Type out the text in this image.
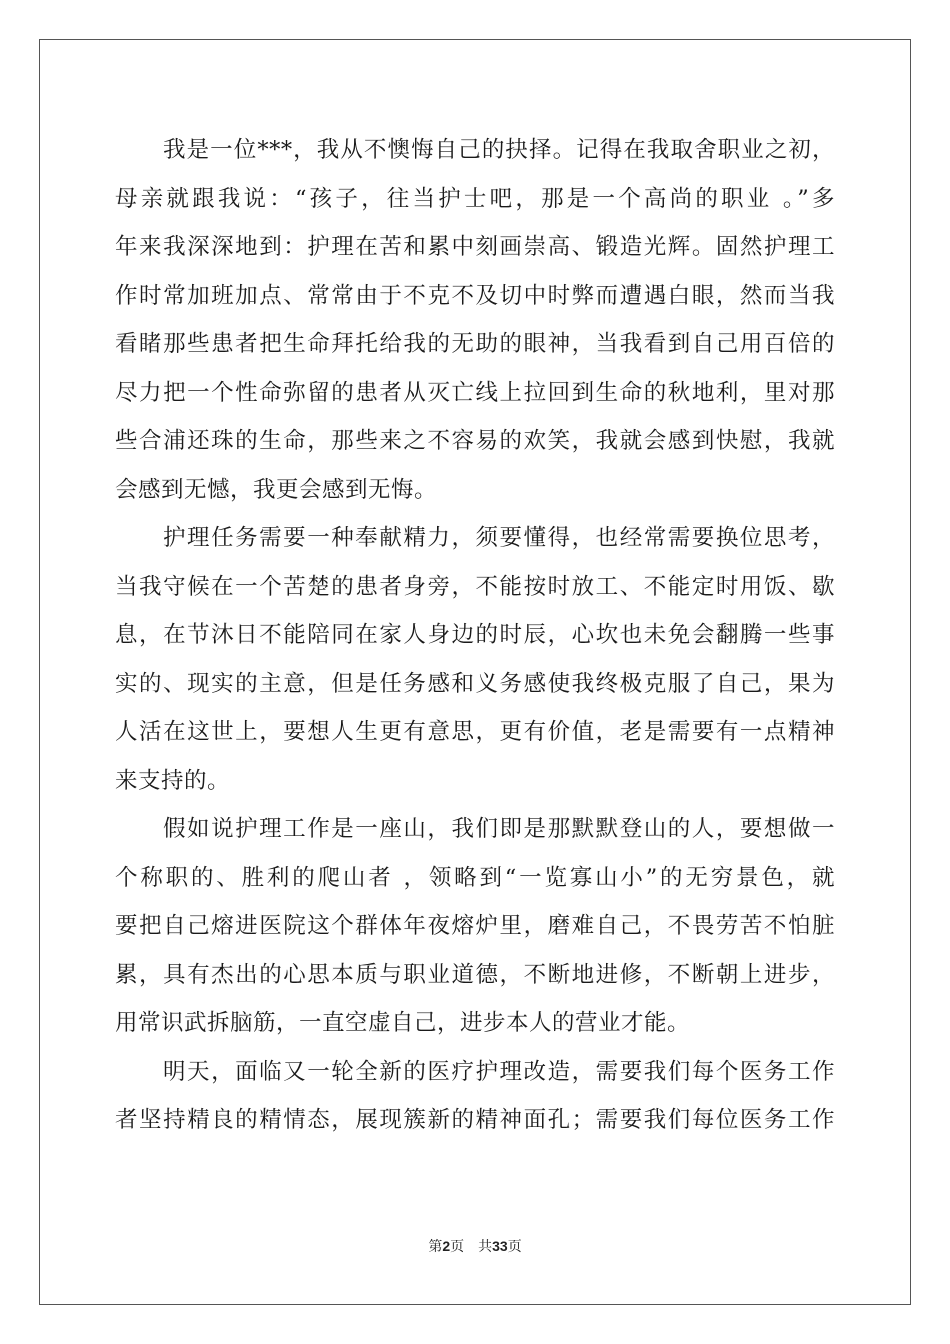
我是一位***，我从不懊悔自己的抉择。记得在我取舍职业之初，
母亲就跟我说：“孩子，往当护士吧，那是一个高尚的职业 。”多
年来我深深地到：护理在苦和累中刻画崇高、锻造光辉。固然护理工
作时常加班加点、常常由于不克不及切中时弊而遭遇白眼，然而当我
看睹那些患者把生命拜托给我的无助的眼神，当我看到自己用百倍的
尽力把一个性命弥留的患者从灭亡线上拉回到生命的秋地利，里对那
些合浦还珠的生命，那些来之不容易的欢笑，我就会感到快慰，我就
会感到无憾，我更会感到无悔。
护理任务需要一种奉献精力，须要懂得，也经常需要换位思考，
当我守候在一个苦楚的患者身旁，不能按时放工、不能定时用饭、歇
息，在节沐日不能陪同在家人身边的时辰，心坎也未免会翻腾一些事
实的、现实的主意，但是任务感和义务感使我终极克服了自己，果为
人活在这世上，要想人生更有意思，更有价值，老是需要有一点精神
来支持的。
假如说护理工作是一座山，我们即是那默默登山的人，要想做一
个称职的、胜利的爬山者 ，领略到“一览寡山小”的无穷景色，就
要把自己熔进医院这个群体年夜熔炉里，磨难自己，不畏劳苦不怕脏
累，具有杰出的心思本质与职业道德，不断地进修，不断朝上进步，
用常识武拆脑筋，一直空虚自己，进步本人的营业才能。
明天，面临又一轮全新的医疗护理改造，需要我们每个医务工作
者坚持精良的精情态，展现簇新的精神面孔；需要我们每位医务工作
第2页　共33页
